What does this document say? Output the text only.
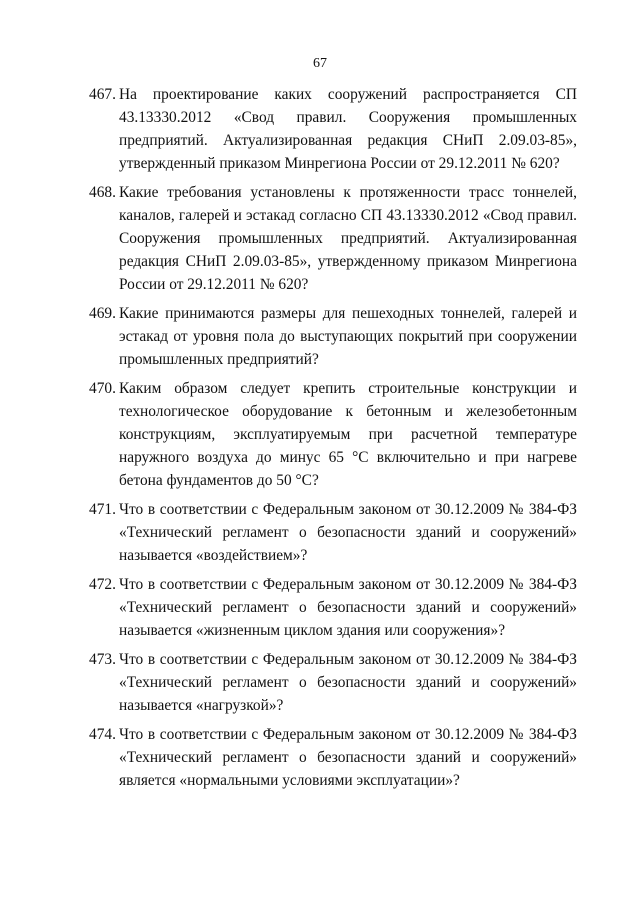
67
467. На проектирование каких сооружений распространяется СП 43.13330.2012 «Свод правил. Сооружения промышленных предприятий. Актуализированная редакция СНиП 2.09.03-85», утвержденный приказом Минрегиона России от 29.12.2011 № 620?
468. Какие требования установлены к протяженности трасс тоннелей, каналов, галерей и эстакад согласно СП 43.13330.2012 «Свод правил. Сооружения промышленных предприятий. Актуализированная редакция СНиП 2.09.03-85», утвержденному приказом Минрегиона России от 29.12.2011 № 620?
469. Какие принимаются размеры для пешеходных тоннелей, галерей и эстакад от уровня пола до выступающих покрытий при сооружении промышленных предприятий?
470. Каким образом следует крепить строительные конструкции и технологическое оборудование к бетонным и железобетонным конструкциям, эксплуатируемым при расчетной температуре наружного воздуха до минус 65 °С включительно и при нагреве бетона фундаментов до 50 °С?
471. Что в соответствии с Федеральным законом от 30.12.2009 № 384-ФЗ «Технический регламент о безопасности зданий и сооружений» называется «воздействием»?
472. Что в соответствии с Федеральным законом от 30.12.2009 № 384-ФЗ «Технический регламент о безопасности зданий и сооружений» называется «жизненным циклом здания или сооружения»?
473. Что в соответствии с Федеральным законом от 30.12.2009 № 384-ФЗ «Технический регламент о безопасности зданий и сооружений» называется «нагрузкой»?
474. Что в соответствии с Федеральным законом от 30.12.2009 № 384-ФЗ «Технический регламент о безопасности зданий и сооружений» является «нормальными условиями эксплуатации»?
